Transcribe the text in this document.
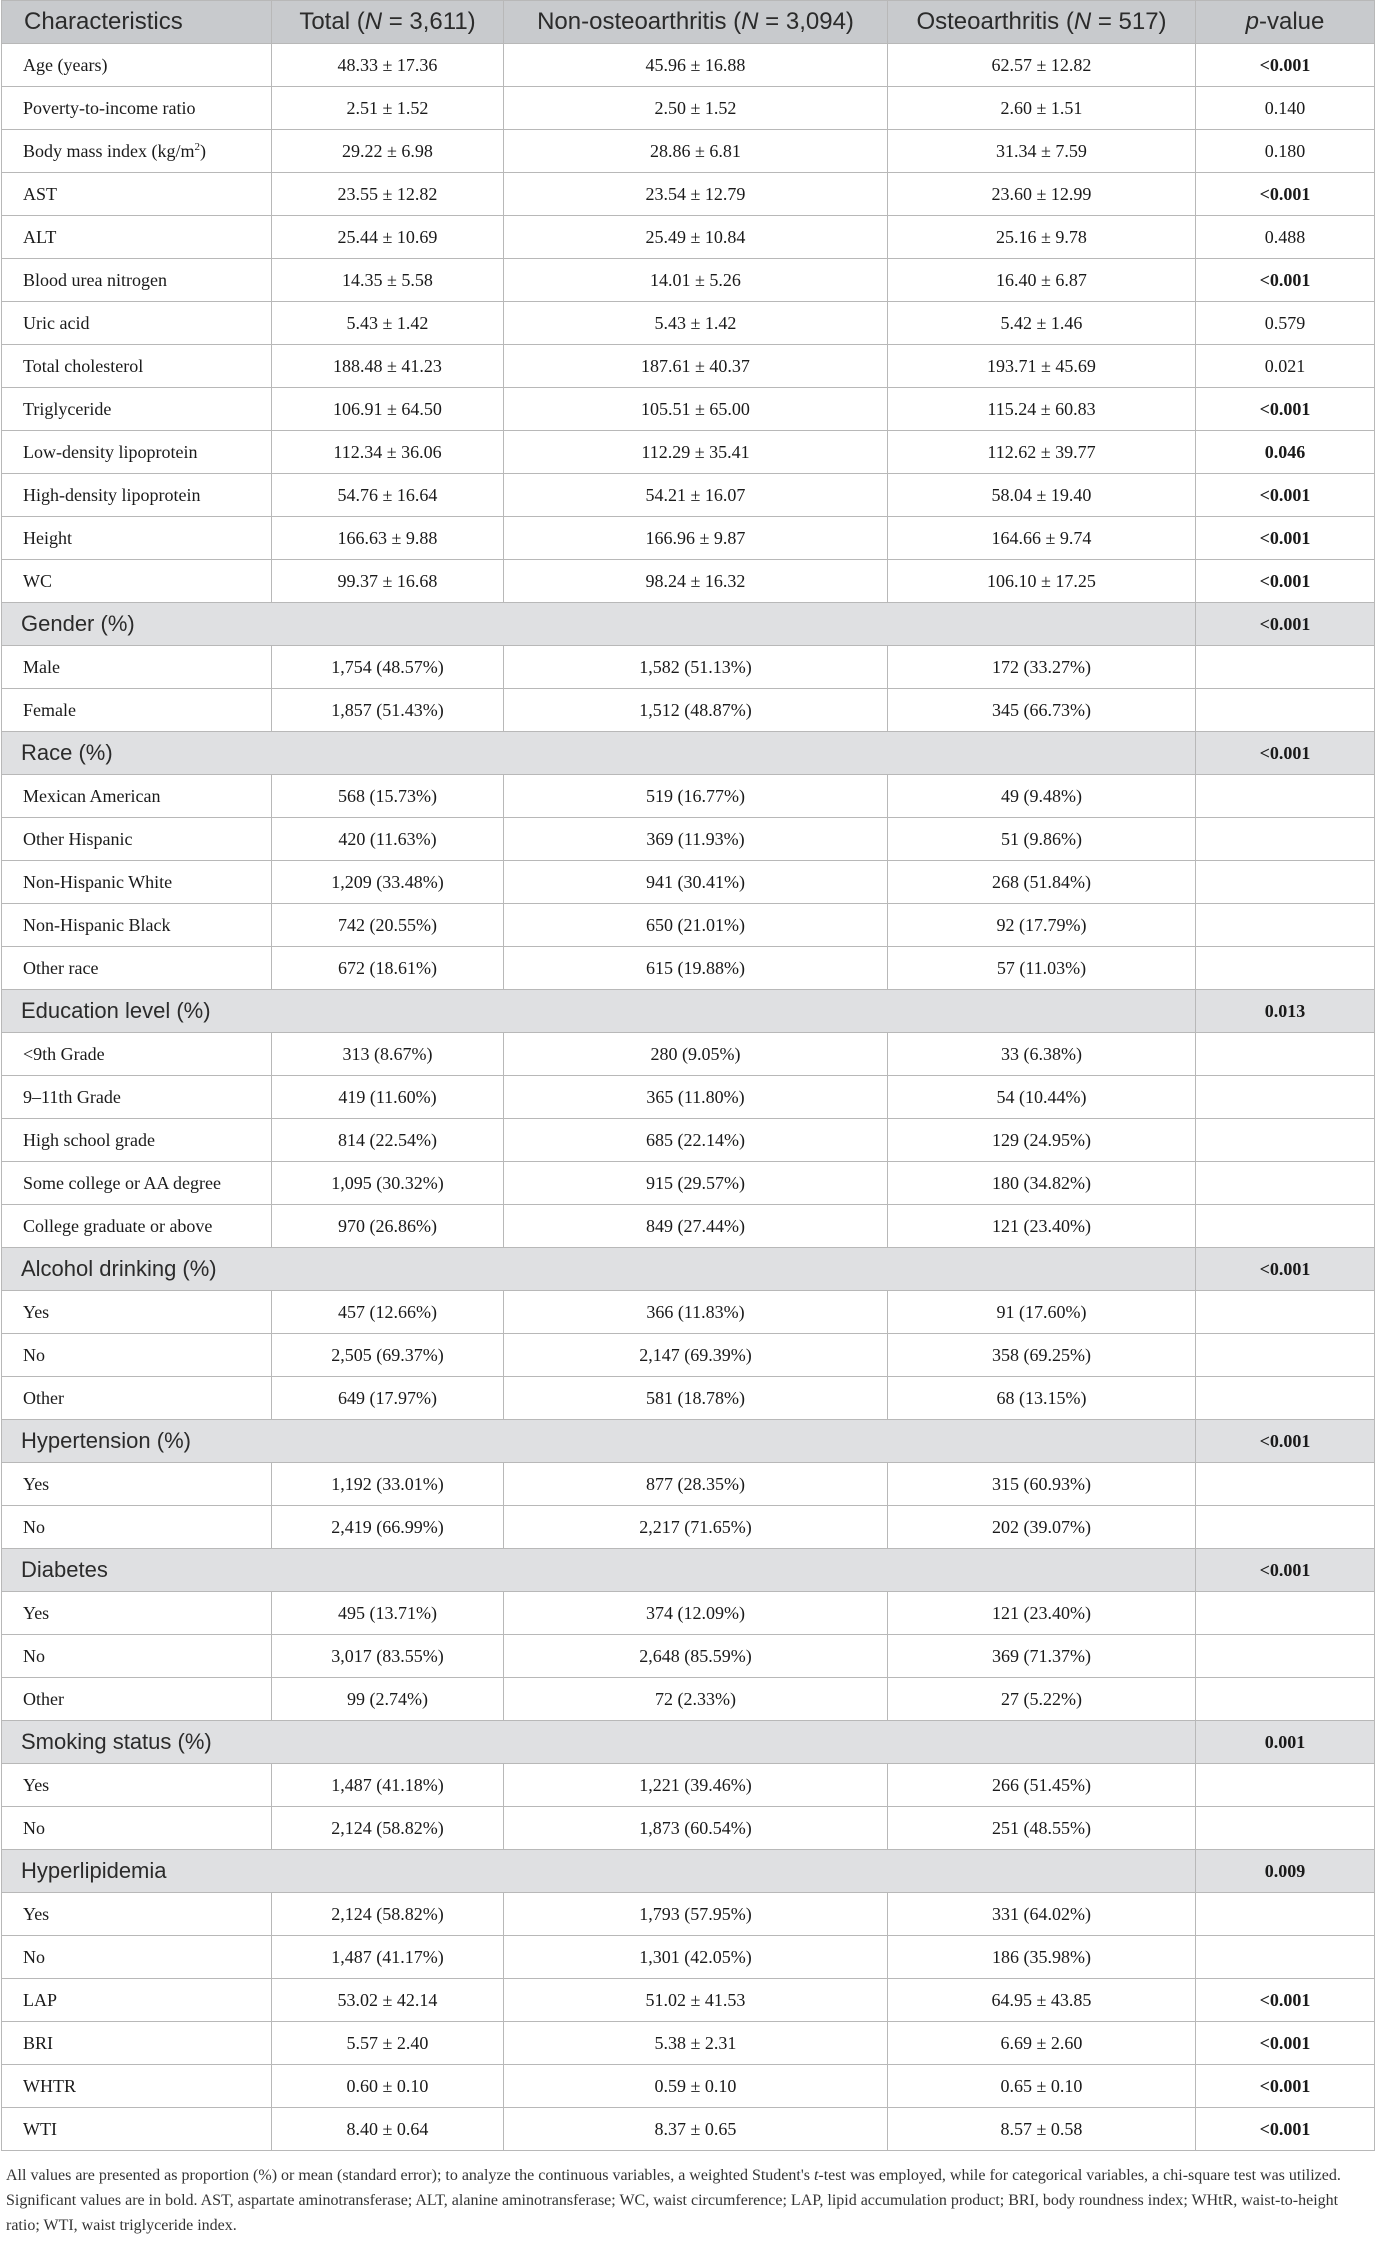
Characteristics	Total (N = 3,611)	Non-osteoarthritis (N = 3,094)	Osteoarthritis (N = 517)	p-value
Age (years)	48.33 ± 17.36	45.96 ± 16.88	62.57 ± 12.82	<0.001
Poverty-to-income ratio	2.51 ± 1.52	2.50 ± 1.52	2.60 ± 1.51	0.140
Body mass index $(kg/m^2)$	29.22 ± 6.98	28.86 ± 6.81	31.34 ± 7.59	0.180
AST	23.55 ± 12.82	23.54 ± 12.79	23.60 ± 12.99	<0.001
ALT	25.44 ± 10.69	25.49 ± 10.84	25.16 ± 9.78	0.488
Blood urea nitrogen	14.35 ± 5.58	14.01 ± 5.26	16.40 ± 6.87	<0.001
Uric acid	5.43 ± 1.42	5.43 ± 1.42	5.42 ± 1.46	0.579
Total cholesterol	188.48 ± 41.23	187.61 ± 40.37	193.71 ± 45.69	0.021
Triglyceride	106.91 ± 64.50	105.51 ± 65.00	115.24 ± 60.83	<0.001
Low-density lipoprotein	112.34 ± 36.06	112.29 ± 35.41	112.62 ± 39.77	0.046
High-density lipoprotein	54.76 ± 16.64	54.21 ± 16.07	58.04 ± 19.40	<0.001
Height	166.63 ± 9.88	166.96 ± 9.87	164.66 ± 9.74	<0.001
WC	99.37 ± 16.68	98.24 ± 16.32	106.10 ± 17.25	<0.001
Gender (%)				<0.001
Male	1,754 (48.57%)	1,582 (51.13%)	172 (33.27%)	
Female	1,857 (51.43%)	1,512 (48.87%)	345 (66.73%)	
Race (%)				<0.001
Mexican American	568 (15.73%)	519 (16.77%)	49 (9.48%)	
Other Hispanic	420 (11.63%)	369 (11.93%)	51 (9.86%)	
Non-Hispanic White	1,209 (33.48%)	941 (30.41%)	268 (51.84%)	
Non-Hispanic Black	742 (20.55%)	650 (21.01%)	92 (17.79%)	
Other race	672 (18.61%)	615 (19.88%)	57 (11.03%)	
Education level (%)				0.013
<9th Grade	313 (8.67%)	280 (9.05%)	33 (6.38%)	
9–11th Grade	419 (11.60%)	365 (11.80%)	54 (10.44%)	
High school grade	814 (22.54%)	685 (22.14%)	129 (24.95%)	
Some college or AA degree	1,095 (30.32%)	915 (29.57%)	180 (34.82%)	
College graduate or above	970 (26.86%)	849 (27.44%)	121 (23.40%)	
Alcohol drinking (%)				<0.001
Yes	457 (12.66%)	366 (11.83%)	91 (17.60%)	
No	2,505 (69.37%)	2,147 (69.39%)	358 (69.25%)	
Other	649 (17.97%)	581 (18.78%)	68 (13.15%)	
Hypertension (%)				<0.001
Yes	1,192 (33.01%)	877 (28.35%)	315 (60.93%)	
No	2,419 (66.99%)	2,217 (71.65%)	202 (39.07%)	
Diabetes				<0.001
Yes	495 (13.71%)	374 (12.09%)	121 (23.40%)	
No	3,017 (83.55%)	2,648 (85.59%)	369 (71.37%)	
Other	99 (2.74%)	72 (2.33%)	27 (5.22%)	
Smoking status (%)				0.001
Yes	1,487 (41.18%)	1,221 (39.46%)	266 (51.45%)	
No	2,124 (58.82%)	1,873 (60.54%)	251 (48.55%)	
Hyperlipidemia				0.009
Yes	2,124 (58.82%)	1,793 (57.95%)	331 (64.02%)	
No	1,487 (41.17%)	1,301 (42.05%)	186 (35.98%)	
LAP	53.02 ± 42.14	51.02 ± 41.53	64.95 ± 43.85	<0.001
BRI	5.57 ± 2.40	5.38 ± 2.31	6.69 ± 2.60	<0.001
WHTR	0.60 ± 0.10	0.59 ± 0.10	0.65 ± 0.10	<0.001
WTI	8.40 ± 0.64	8.37 ± 0.65	8.57 ± 0.58	<0.001
All values are presented as proportion (%) or mean (standard error); to analyze the continuous variables, a weighted Student's t-test was employed, while for categorical variables, a chi-square test was utilized. Significant values are in bold. AST, aspartate aminotransferase; ALT, alanine aminotransferase; WC, waist circumference; LAP, lipid accumulation product; BRI, body roundness index; WHtR, waist-to-height ratio; WTI, waist triglyceride index.
